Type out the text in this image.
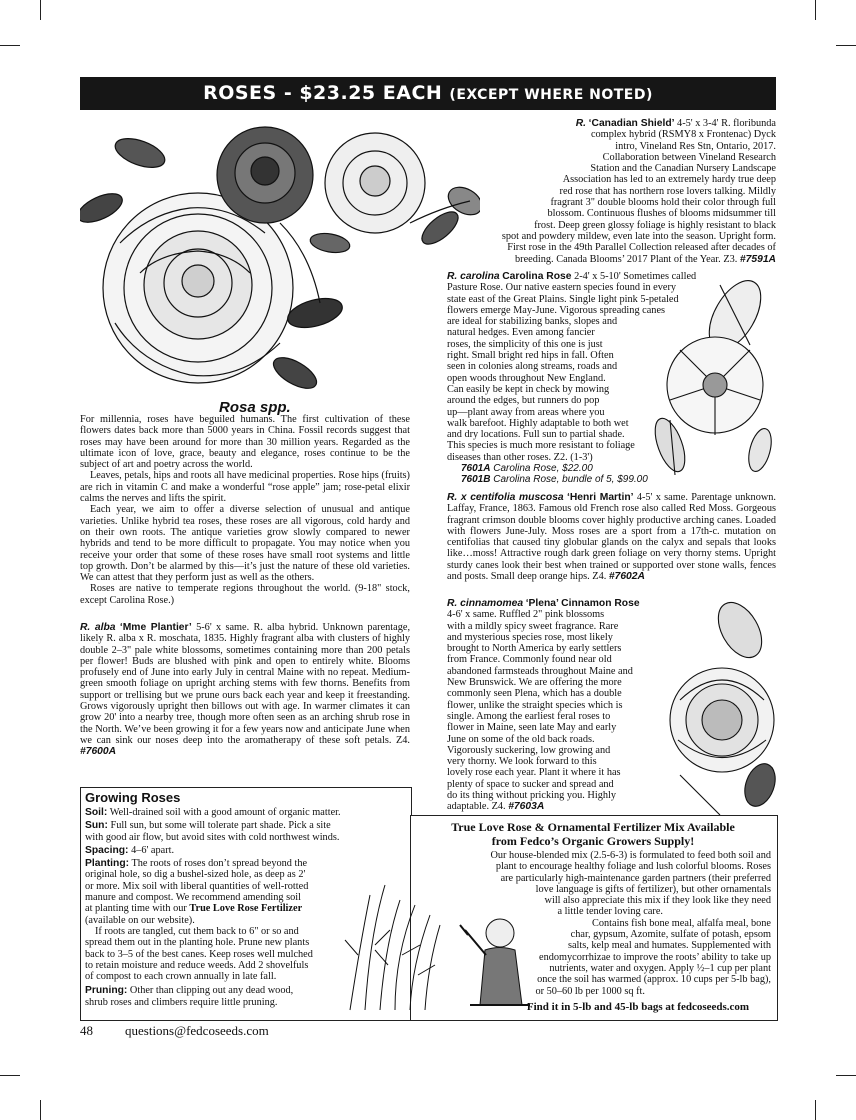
ROSES - $23.25 EACH (EXCEPT WHERE NOTED)
Rosa spp.

For millennia, roses have beguiled humans. The first cultivation of these flowers dates back more than 5000 years in China. Fossil records suggest that roses may have been around for more than 30 million years. Regarded as the ultimate icon of love, grace, beauty and elegance, roses continue to be the subject of art and poetry across the world.

Leaves, petals, hips and roots all have medicinal properties. Rose hips (fruits) are rich in vitamin C and make a wonderful “rose apple” jam; rose-petal elixir calms the nerves and lifts the spirit.

Each year, we aim to offer a diverse selection of unusual and antique varieties. Unlike hybrid tea roses, these roses are all vigorous, cold hardy and on their own roots. The antique varieties grow slowly compared to newer hybrids and tend to be more difficult to propagate. You may notice when you receive your order that some of these roses have small root systems and little top growth. Don’t be alarmed by this—it’s just the nature of these old varieties. We can attest that they perform just as well as the others.

Roses are native to temperate regions throughout the world. (9-18" stock, except Carolina Rose.)

R. alba ‘Mme Plantier’ 5-6' x same. R. alba hybrid. Unknown parentage, likely R. alba x R. moschata, 1835. Highly fragrant alba with clusters of highly double 2–3" pale white blossoms, sometimes containing more than 200 petals per flower! Buds are blushed with pink and open to entirely white. Blooms profusely end of June into early July in central Maine with no repeat. Medium-green smooth foliage on upright arching stems with few thorns. Benefits from support or trellising but we prune ours back each year and keep it freestanding. Grows vigorously upright then billows out with age. In warmer climates it can grow 20' into a nearby tree, though more often seen as an arching shrub rose in the North. We’ve been growing it for a few years now and anticipate June when we can sink our noses deep into the aromatherapy of these soft petals. Z4. #7600A
R. ‘Canadian Shield’ 4-5' x 3-4' R. floribunda
complex hybrid (RSMY8 x Frontenac) Dyck
intro, Vineland Res Stn, Ontario, 2017.
Collaboration between Vineland Research
Station and the Canadian Nursery Landscape
Association has led to an extremely hardy true deep
red rose that has northern rose lovers talking. Mildly
fragrant 3" double blooms hold their color through full
blossom. Continuous flushes of blooms midsummer till
frost. Deep green glossy foliage is highly resistant to black
spot and powdery mildew, even late into the season. Upright form.
First rose in the 49th Parallel Collection released after decades of
breeding. Canada Blooms’ 2017 Plant of the Year. Z3. #7591A
R. carolina Carolina Rose 2-4' x 5-10' Sometimes called
Pasture Rose. Our native eastern species found in every
state east of the Great Plains. Single light pink 5-petaled
flowers emerge May-June. Vigorous spreading canes
are ideal for stabilizing banks, slopes and
natural hedges. Even among fancier
roses, the simplicity of this one is just
right. Small bright red hips in fall. Often
seen in colonies along streams, roads and
open woods throughout New England.
Can easily be kept in check by mowing
around the edges, but runners do pop
up—plant away from areas where you
walk barefoot. Highly adaptable to both wet
and dry locations. Full sun to partial shade.
This species is much more resistant to foliage
diseases than other roses. Z2. (1-3')
7601A Carolina Rose, $22.00
7601B Carolina Rose, bundle of 5, $99.00
R. x centifolia muscosa ‘Henri Martin’ 4-5' x same. Parentage unknown. Laffay, France, 1863. Famous old French rose also called Red Moss. Gorgeous fragrant crimson double blooms cover highly productive arching canes. Loaded with flowers June-July. Moss roses are a sport from a 17th-c. mutation on centifolias that caused tiny globular glands on the calyx and sepals that looks like…moss! Attractive rough dark green foliage on very thorny stems. Upright sturdy canes look their best when trained or supported over stone walls, fences and posts. Small deep orange hips. Z4. #7602A
R. cinnamomea ‘Plena’ Cinnamon Rose
4-6' x same. Ruffled 2" pink blossoms
with a mildly spicy sweet fragrance. Rare
and mysterious species rose, most likely
brought to North America by early settlers
from France. Commonly found near old
abandoned farmsteads throughout Maine and
New Brunswick. We are offering the more
commonly seen Plena, which has a double
flower, unlike the straight species which is
single. Among the earliest feral roses to
flower in Maine, seen late May and early
June on some of the old back roads.
Vigorously suckering, low growing and
very thorny. We look forward to this
lovely rose each year. Plant it where it has
plenty of space to sucker and spread and
do its thing without pricking you. Highly
adaptable. Z4. #7603A
Growing Roses
Soil: Well-drained soil with a good amount of organic matter.
Sun: Full sun, but some will tolerate part shade. Pick a site
with good air flow, but avoid sites with cold northwest winds.
Spacing: 4–6' apart.
Planting: The roots of roses don’t spread beyond the
original hole, so dig a bushel-sized hole, as deep as 2'
or more. Mix soil with liberal quantities of well-rotted
manure and compost. We recommend amending soil
at planting time with our True Love Rose Fertilizer
(available on our website).
If roots are tangled, cut them back to 6" or so and
spread them out in the planting hole. Prune new plants
back to 3–5 of the best canes. Keep roses well mulched
to retain moisture and reduce weeds. Add 2 shovelfuls
of compost to each crown annually in late fall.
Pruning: Other than clipping out any dead wood,
shrub roses and climbers require little pruning.
True Love Rose & Ornamental Fertilizer Mix Available
from Fedco’s Organic Growers Supply!
Our house-blended mix (2.5-6-3) is formulated to feed both soil and
plant to encourage healthy foliage and lush colorful blooms. Roses
are particularly high-maintenance garden partners (their preferred
love language is gifts of fertilizer), but other ornamentals
will also appreciate this mix if they look like they need
a little tender loving care.
Contains fish bone meal, alfalfa meal, bone
char, gypsum, Azomite, sulfate of potash, epsom
salts, kelp meal and humates. Supplemented with
endomycorrhizae to improve the roots’ ability to take up
nutrients, water and oxygen. Apply ½–1 cup per plant
once the soil has warmed (approx. 10 cups per 5-lb bag),
or 50–60 lb per 1000 sq ft.
Find it in 5-lb and 45-lb bags at fedcoseeds.com
48 questions@fedcoseeds.com
